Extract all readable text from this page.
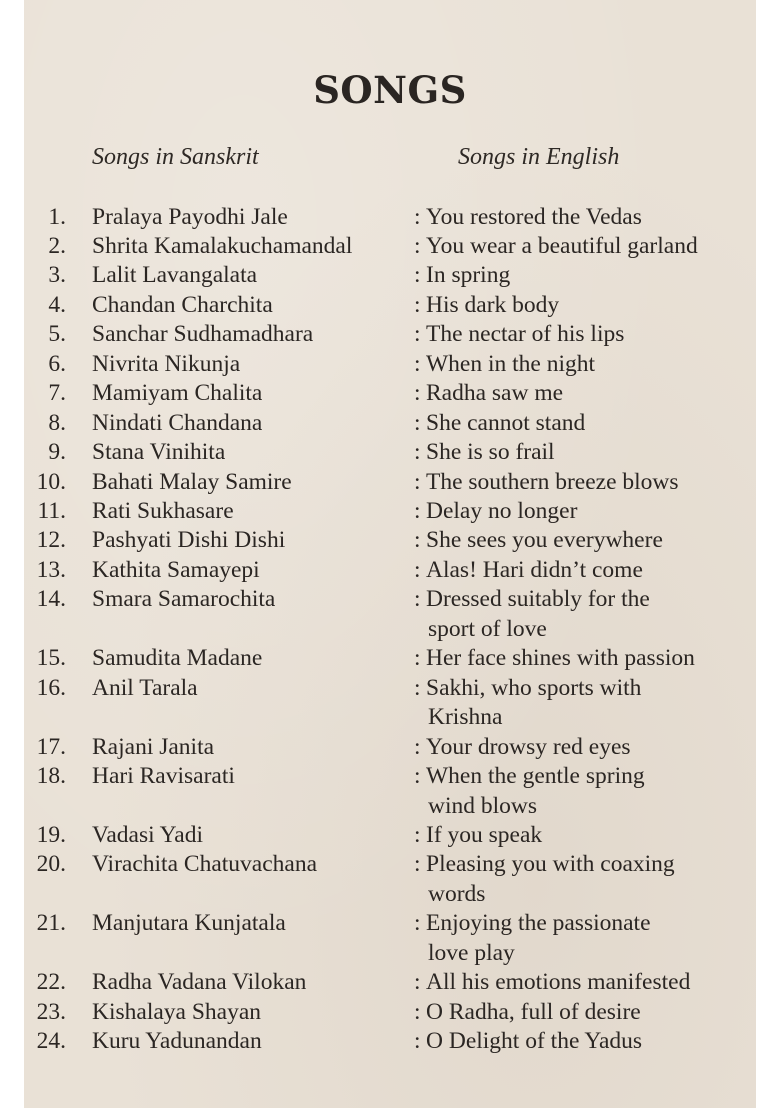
SONGS
Songs in Sanskrit	Songs in English
1. Pralaya Payodhi Jale	: You restored the Vedas
2. Shrita Kamalakuchamandal	: You wear a beautiful garland
3. Lalit Lavangalata	: In spring
4. Chandan Charchita	: His dark body
5. Sanchar Sudhamadhara	: The nectar of his lips
6. Nivrita Nikunja	: When in the night
7. Mamiyam Chalita	: Radha saw me
8. Nindati Chandana	: She cannot stand
9. Stana Vinihita	: She is so frail
10. Bahati Malay Samire	: The southern breeze blows
11. Rati Sukhasare	: Delay no longer
12. Pashyati Dishi Dishi	: She sees you everywhere
13. Kathita Samayepi	: Alas! Hari didn’t come
14. Smara Samarochita	: Dressed suitably for the
sport of love
15. Samudita Madane	: Her face shines with passion
16. Anil Tarala	: Sakhi, who sports with
Krishna
17. Rajani Janita	: Your drowsy red eyes
18. Hari Ravisarati	: When the gentle spring
wind blows
19. Vadasi Yadi	: If you speak
20. Virachita Chatuvachana	: Pleasing you with coaxing
words
21. Manjutara Kunjatala	: Enjoying the passionate
love play
22. Radha Vadana Vilokan	: All his emotions manifested
23. Kishalaya Shayan	: O Radha, full of desire
24. Kuru Yadunandan	: O Delight of the Yadus
